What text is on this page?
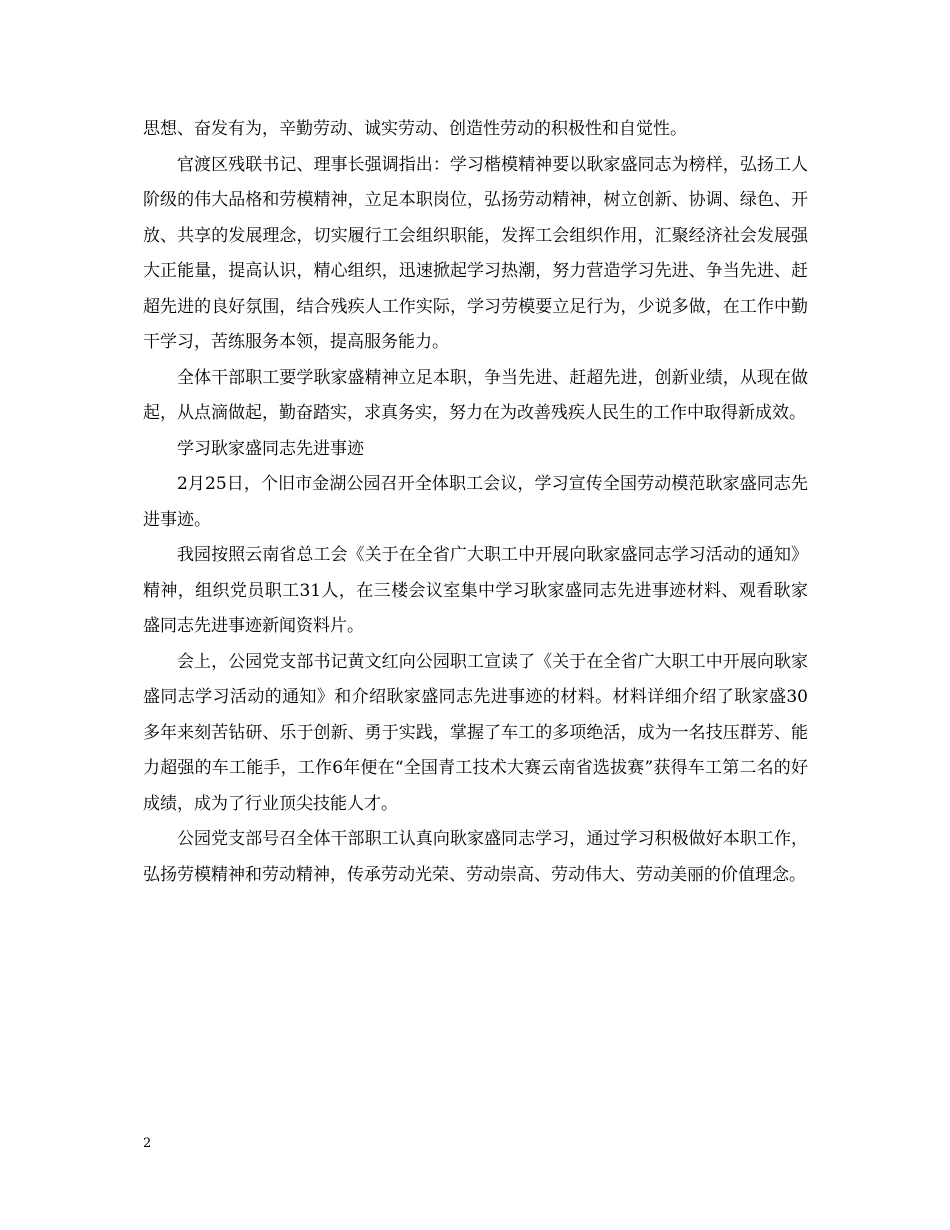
思想、奋发有为，辛勤劳动、诚实劳动、创造性劳动的积极性和自觉性。

官渡区残联书记、理事长强调指出：学习楷模精神要以耿家盛同志为榜样，弘扬工人阶级的伟大品格和劳模精神，立足本职岗位，弘扬劳动精神，树立创新、协调、绿色、开放、共享的发展理念，切实履行工会组织职能，发挥工会组织作用，汇聚经济社会发展强大正能量，提高认识，精心组织，迅速掀起学习热潮，努力营造学习先进、争当先进、赶超先进的良好氛围，结合残疾人工作实际，学习劳模要立足行为，少说多做，在工作中勤干学习，苦练服务本领，提高服务能力。

全体干部职工要学耿家盛精神立足本职，争当先进、赶超先进，创新业绩，从现在做起，从点滴做起，勤奋踏实，求真务实，努力在为改善残疾人民生的工作中取得新成效。

学习耿家盛同志先进事迹

2月25日，个旧市金湖公园召开全体职工会议，学习宣传全国劳动模范耿家盛同志先进事迹。

我园按照云南省总工会《关于在全省广大职工中开展向耿家盛同志学习活动的通知》精神，组织党员职工31人，在三楼会议室集中学习耿家盛同志先进事迹材料、观看耿家盛同志先进事迹新闻资料片。

会上，公园党支部书记黄文红向公园职工宣读了《关于在全省广大职工中开展向耿家盛同志学习活动的通知》和介绍耿家盛同志先进事迹的材料。材料详细介绍了耿家盛30多年来刻苦钻研、乐于创新、勇于实践，掌握了车工的多项绝活，成为一名技压群芳、能力超强的车工能手，工作6年便在“全国青工技术大赛云南省选拔赛”获得车工第二名的好成绩，成为了行业顶尖技能人才。

公园党支部号召全体干部职工认真向耿家盛同志学习，通过学习积极做好本职工作，弘扬劳模精神和劳动精神，传承劳动光荣、劳动崇高、劳动伟大、劳动美丽的价值理念。

2
